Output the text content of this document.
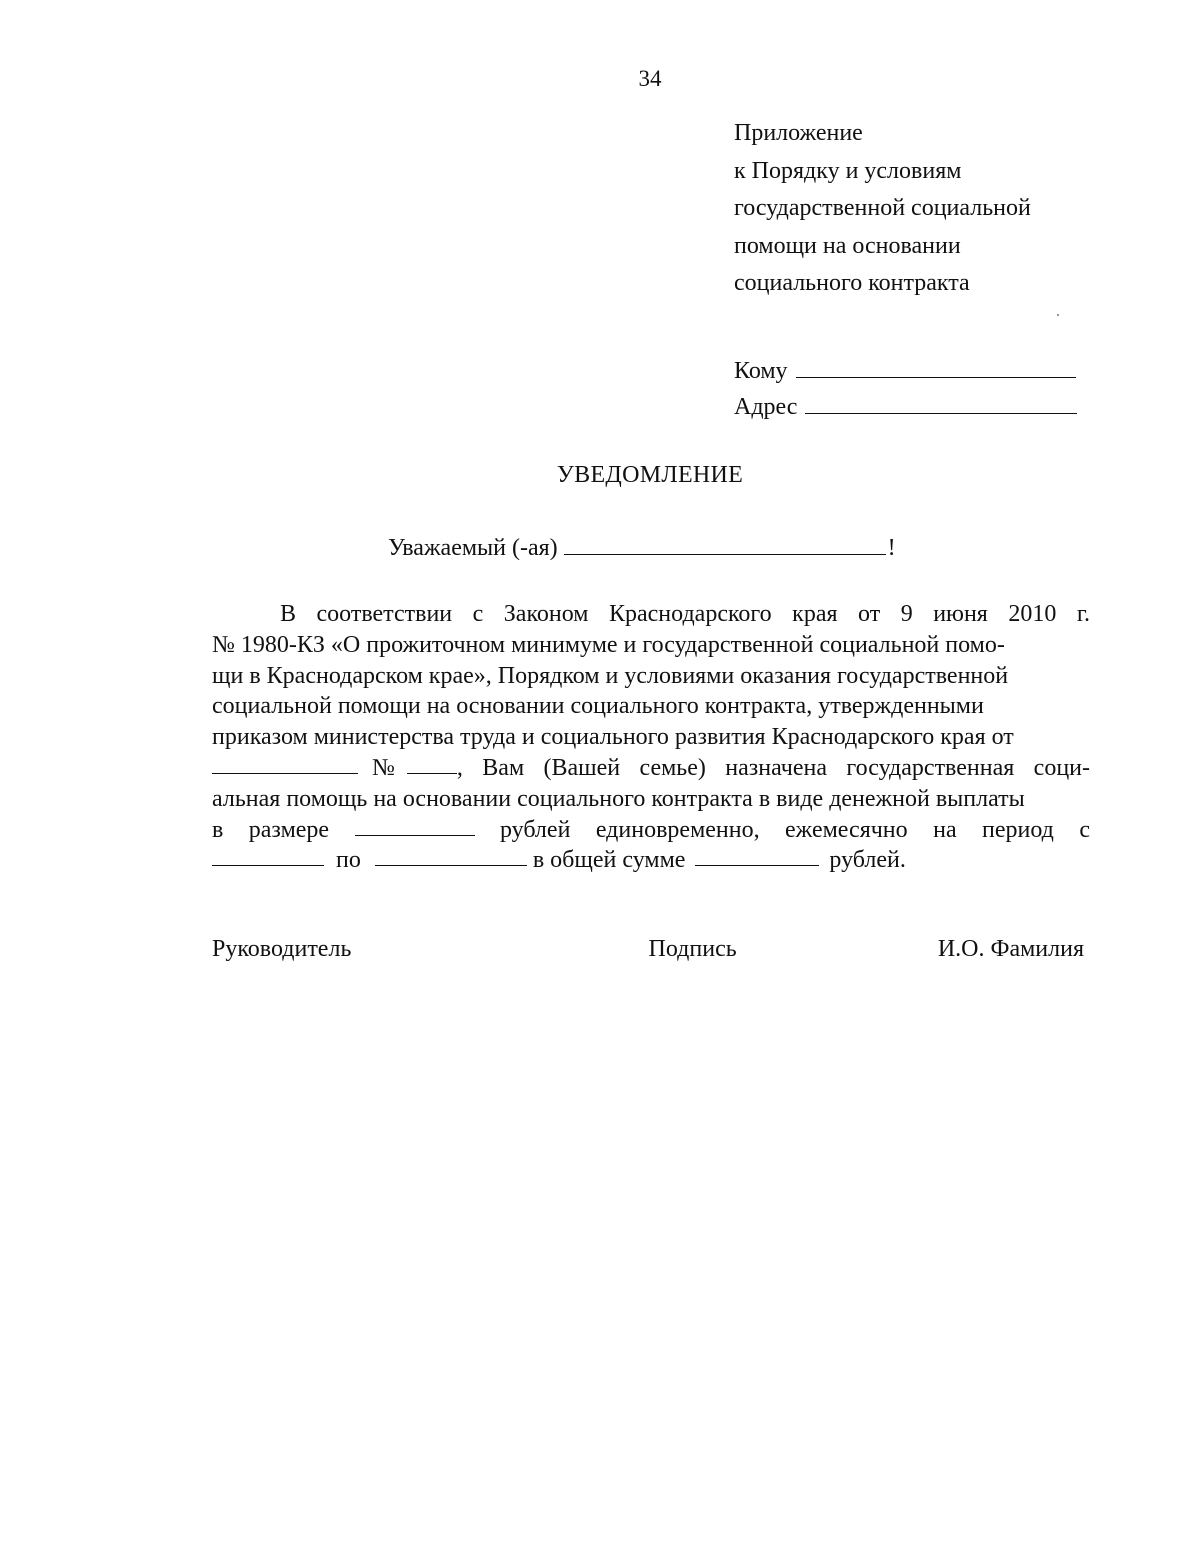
34
Приложение
к Порядку и условиям
государственной социальной
помощи на основании
социального контракта
Кому
Адрес
УВЕДОМЛЕНИЕ
Уважаемый (-ая)	!
В соответствии с Законом Краснодарского края от 9 июня 2010 г.
№ 1980-КЗ «О прожиточном минимуме и государственной социальной помо-
щи в Краснодарском крае», Порядком и условиями оказания государственной
социальной помощи на основании социального контракта, утвержденными
приказом министерства труда и социального развития Краснодарского края от
№	, Вам (Вашей семье) назначена государственная соци-
альная помощь на основании социального контракта в виде денежной выплаты
в размере	рублей единовременно, ежемесячно на период с
по	в общей сумме	рублей.
Руководитель	Подпись	И.О. Фамилия
